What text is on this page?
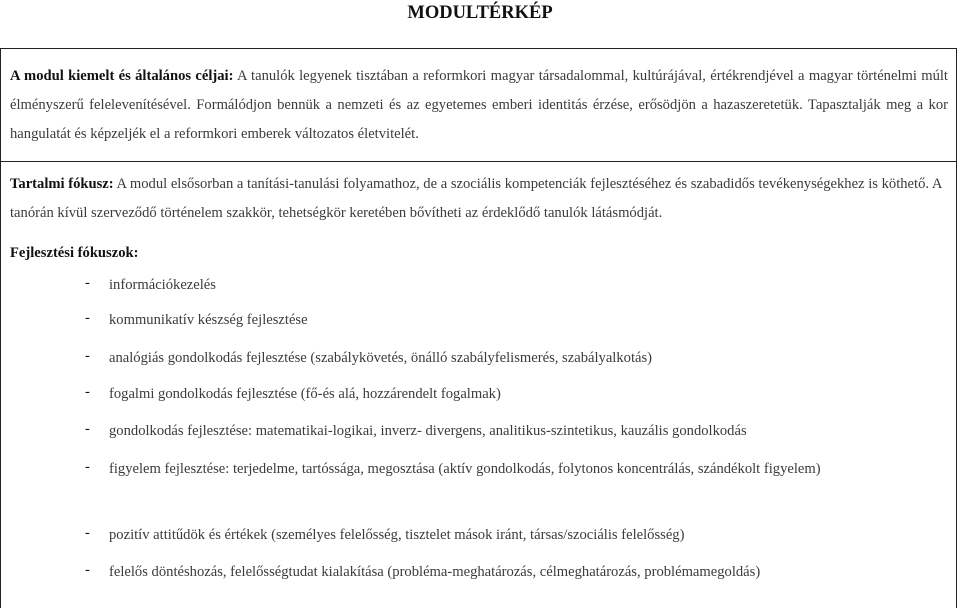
MODULTÉRKÉP
A modul kiemelt és általános céljai: A tanulók legyenek tisztában a reformkori magyar társadalommal, kultúrájával, értékrendjével a magyar történelmi múlt élményszerű felelevenítésével. Formálódjon bennük a nemzeti és az egyetemes emberi identitás érzése, erősödjön a hazaszeretetük. Tapasztalják meg a kor hangulatát és képzeljék el a reformkori emberek változatos életvitelét.
Tartalmi fókusz: A modul elsősorban a tanítási-tanulási folyamathoz, de a szociális kompetenciák fejlesztéséhez és szabadidős tevékenységekhez is köthető. A tanórán kívül szerveződő történelem szakkör, tehetségkör keretében bővítheti az érdeklődő tanulók látásmódját.
Fejlesztési fókuszok:
- információkezelés
- kommunikatív készség fejlesztése
- analógiás gondolkodás fejlesztése (szabálykövetés, önálló szabályfelismerés, szabályalkotás)
- fogalmi gondolkodás fejlesztése (fő-és alá, hozzárendelt fogalmak)
- gondolkodás fejlesztése: matematikai-logikai, inverz- divergens, analitikus-szintetikus, kauzális gondolkodás
- figyelem fejlesztése: terjedelme, tartóssága, megosztása (aktív gondolkodás, folytonos koncentrálás, szándékolt figyelem)
- pozitív attitűdök és értékek (személyes felelősség, tisztelet mások iránt, társas/szociális felelősség)
- felelős döntéshozás, felelősségtudat kialakítása (probléma-meghatározás, célmeghatározás, problémamegoldás)
